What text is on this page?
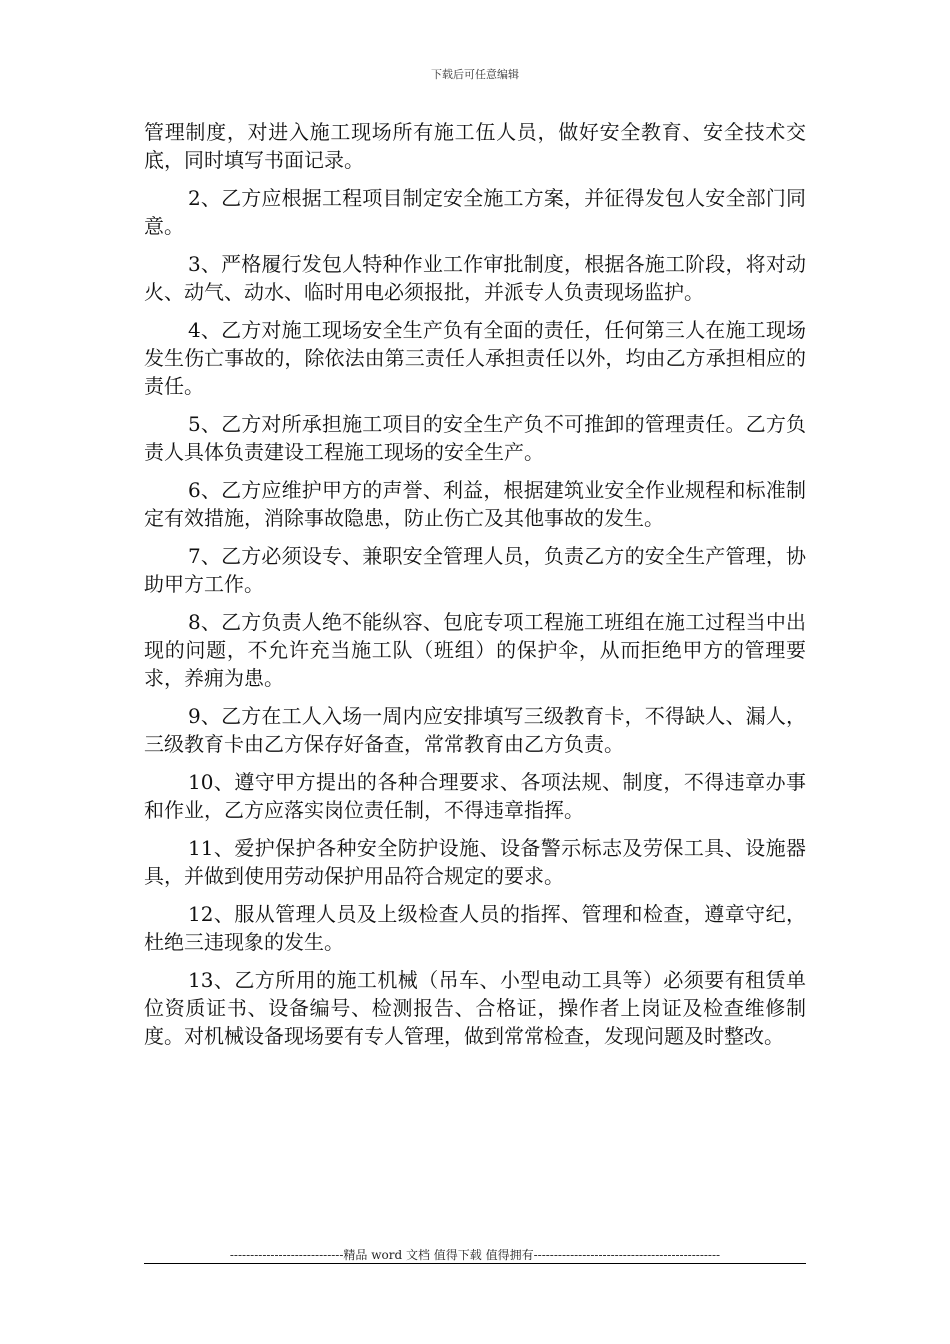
下载后可任意编辑

管理制度，对进入施工现场所有施工伍人员，做好安全教育、安全技术交底，同时填写书面记录。

2、乙方应根据工程项目制定安全施工方案，并征得发包人安全部门同意。

3、严格履行发包人特种作业工作审批制度，根据各施工阶段，将对动火、动气、动水、临时用电必须报批，并派专人负责现场监护。

4、乙方对施工现场安全生产负有全面的责任，任何第三人在施工现场发生伤亡事故的，除依法由第三责任人承担责任以外，均由乙方承担相应的责任。

5、乙方对所承担施工项目的安全生产负不可推卸的管理责任。乙方负责人具体负责建设工程施工现场的安全生产。

6、乙方应维护甲方的声誉、利益，根据建筑业安全作业规程和标准制定有效措施，消除事故隐患，防止伤亡及其他事故的发生。

7、乙方必须设专、兼职安全管理人员，负责乙方的安全生产管理，协助甲方工作。

8、乙方负责人绝不能纵容、包庇专项工程施工班组在施工过程当中出现的问题，不允许充当施工队（班组）的保护伞，从而拒绝甲方的管理要求，养痈为患。

9、乙方在工人入场一周内应安排填写三级教育卡，不得缺人、漏人，三级教育卡由乙方保存好备查，常常教育由乙方负责。

10、遵守甲方提出的各种合理要求、各项法规、制度，不得违章办事和作业，乙方应落实岗位责任制，不得违章指挥。

11、爱护保护各种安全防护设施、设备警示标志及劳保工具、设施器具，并做到使用劳动保护用品符合规定的要求。

12、服从管理人员及上级检查人员的指挥、管理和检查，遵章守纪，杜绝三违现象的发生。

13、乙方所用的施工机械（吊车、小型电动工具等）必须要有租赁单位资质证书、设备编号、检测报告、合格证，操作者上岗证及检查维修制度。对机械设备现场要有专人管理，做到常常检查，发现问题及时整改。

----------------------------精品 word 文档 值得下载 值得拥有----------------------------------------------
